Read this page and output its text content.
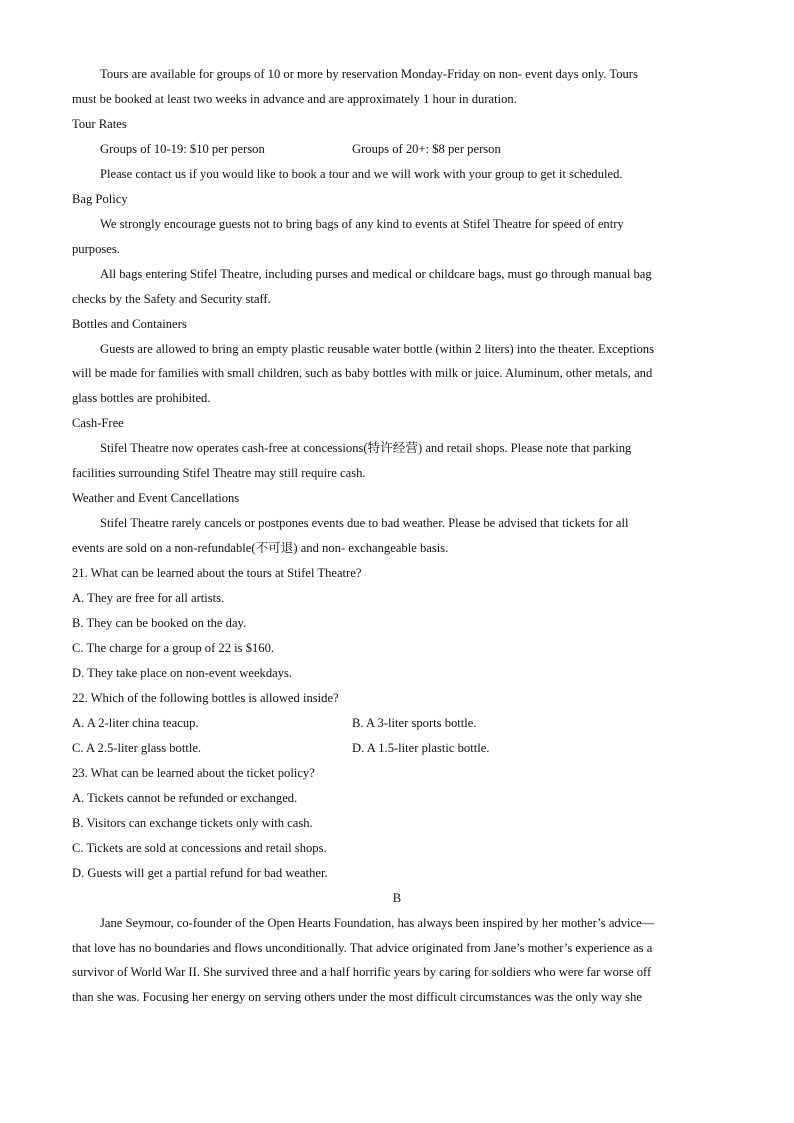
Tours are available for groups of 10 or more by reservation Monday-Friday on non- event days only. Tours
must be booked at least two weeks in advance and are approximately 1 hour in duration.
Tour Rates
Groups of 10-19: $10 per person	Groups of 20+: $8 per person
Please contact us if you would like to book a tour and we will work with your group to get it scheduled.
Bag Policy
We strongly encourage guests not to bring bags of any kind to events at Stifel Theatre for speed of entry
purposes.
All bags entering Stifel Theatre, including purses and medical or childcare bags, must go through manual bag
checks by the Safety and Security staff.
Bottles and Containers
Guests are allowed to bring an empty plastic reusable water bottle (within 2 liters) into the theater. Exceptions
will be made for families with small children, such as baby bottles with milk or juice. Aluminum, other metals, and
glass bottles are prohibited.
Cash-Free
Stifel Theatre now operates cash-free at concessions(特许经营) and retail shops. Please note that parking
facilities surrounding Stifel Theatre may still require cash.
Weather and Event Cancellations
Stifel Theatre rarely cancels or postpones events due to bad weather. Please be advised that tickets for all
events are sold on a non-refundable(不可退) and non- exchangeable basis.
21. What can be learned about the tours at Stifel Theatre?
A. They are free for all artists.
B. They can be booked on the day.
C. The charge for a group of 22 is $160.
D. They take place on non-event weekdays.
22. Which of the following bottles is allowed inside?
A. A 2-liter china teacup.	B. A 3-liter sports bottle.
C. A 2.5-liter glass bottle.	D. A 1.5-liter plastic bottle.
23. What can be learned about the ticket policy?
A. Tickets cannot be refunded or exchanged.
B. Visitors can exchange tickets only with cash.
C. Tickets are sold at concessions and retail shops.
D. Guests will get a partial refund for bad weather.
B
Jane Seymour, co-founder of the Open Hearts Foundation, has always been inspired by her mother’s advice—
that love has no boundaries and flows unconditionally. That advice originated from Jane’s mother’s experience as a
survivor of World War II. She survived three and a half horrific years by caring for soldiers who were far worse off
than she was. Focusing her energy on serving others under the most difficult circumstances was the only way she
